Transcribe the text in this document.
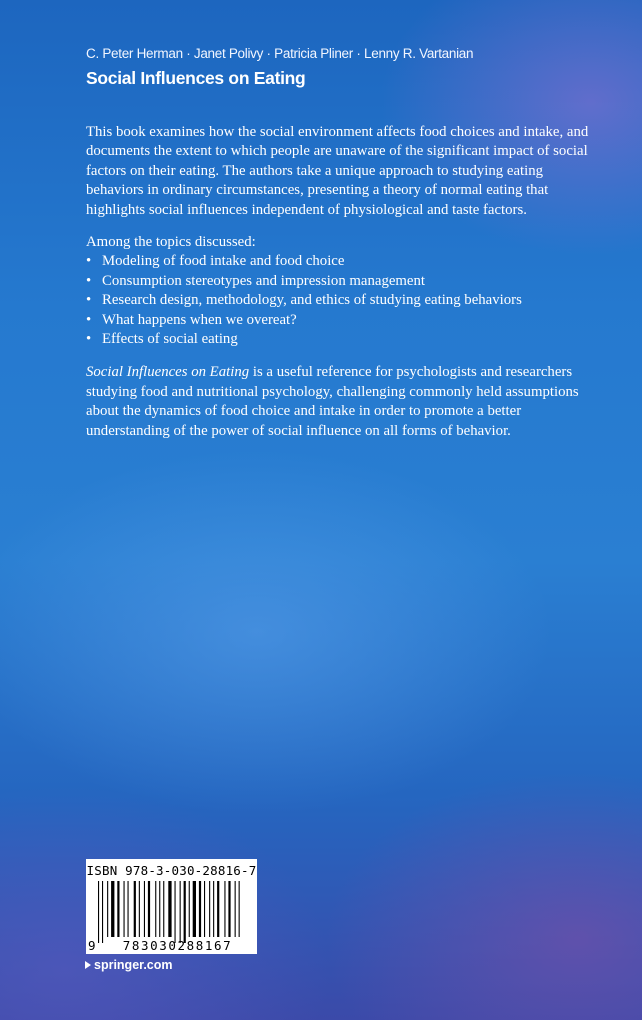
C. Peter Herman · Janet Polivy · Patricia Pliner · Lenny R. Vartanian
Social Influences on Eating

This book examines how the social environment affects food choices and intake, and documents the extent to which people are unaware of the significant impact of social factors on their eating. The authors take a unique approach to studying eating behaviors in ordinary circumstances, presenting a theory of normal eating that highlights social influences independent of physiological and taste factors.

Among the topics discussed:

• Modeling of food intake and food choice
• Consumption stereotypes and impression management
• Research design, methodology, and ethics of studying eating behaviors
• What happens when we overeat?
• Effects of social eating

Social Influences on Eating is a useful reference for psychologists and researchers studying food and nutritional psychology, challenging commonly held assumptions about the dynamics of food choice and intake in order to promote a better understanding of the power of social influence on all forms of behavior.

ISBN 978-3-030-28816-7
9	783030288167
springer.com
